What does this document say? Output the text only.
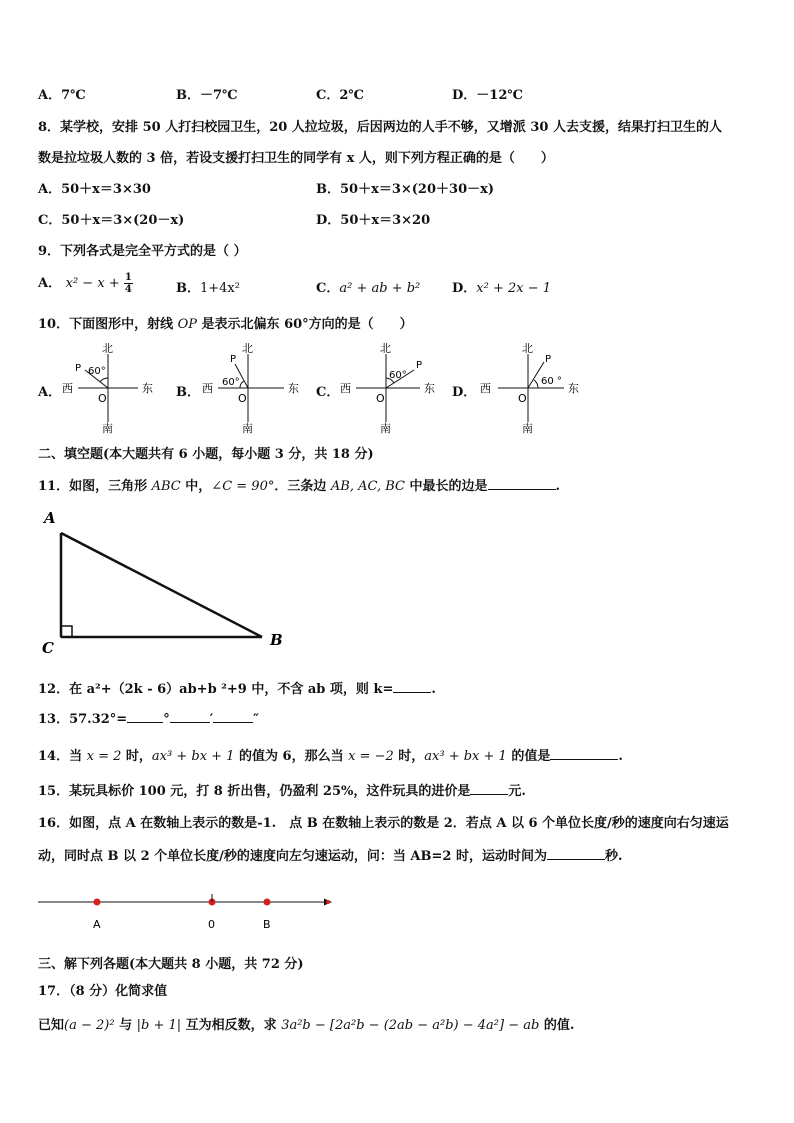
A．7℃	B．－7℃	C．2℃	D．－12℃
8．某学校，安排 50 人打扫校园卫生，20 人拉垃圾，后因两边的人手不够，又增派 30 人去支援，结果打扫卫生的人
数是拉垃圾人数的 3 倍，若设支援打扫卫生的同学有 x 人，则下列方程正确的是（　　）
A．50＋x＝3×30	B．50＋x＝3×(20＋30－x)
C．50＋x＝3×(20－x)	D．50＋x＝3×20
9．下列各式是完全平方式的是（ ）
A． $x^2 - x + \frac{1}{4}$	B．1+4x²	C．a² + ab + b² D．x² + 2x − 1
10．下面图形中，射线 OP 是表示北偏东 60°方向的是（　　）
A．	B．	C．	D．
北
西	东
南
O
P 60°
北
西	东
南
O
P
60°
北
西	东
南
O
P
60°
北
西	东
南
O
P
60 °
二、填空题(本大题共有 6 小题，每小题 3 分，共 18 分)
11．如图，三角形 ABC 中，∠C = 90°．三条边 AB, AC, BC 中最长的边是	.
A
C	B
12．在 a²+（2k - 6）ab+b ²+9 中，不含 ab 项，则 k=	.
13．57.32°=	°	′	″
14．当 x = 2 时，ax³ + bx + 1 的值为 6，那么当 x = −2 时，ax³ + bx + 1 的值是	.
15．某玩具标价 100 元，打 8 折出售，仍盈利 25%，这件玩具的进价是	元.
16．如图，点 A 在数轴上表示的数是-1.　点 B 在数轴上表示的数是 2．若点 A 以 6 个单位长度/秒的速度向右匀速运
动，同时点 B 以 2 个单位长度/秒的速度向左匀速运动，问：当 AB=2 时，运动时间为	秒.
A	0	B
三、解下列各题(本大题共 8 小题，共 72 分)
17．（8 分）化简求值
已知(a − 2)² 与 |b + 1| 互为相反数，求 3a²b − [2a²b − (2ab − a²b) − 4a²] − ab 的值.
